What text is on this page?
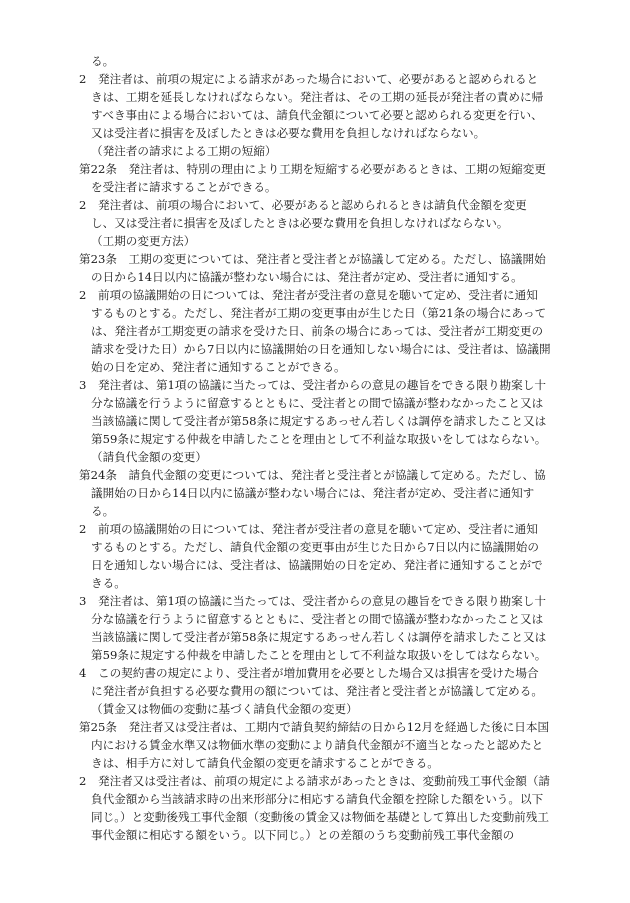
る。
2　発注者は、前項の規定による請求があった場合において、必要があると認められると
きは、工期を延長しなければならない。発注者は、その工期の延長が発注者の責めに帰
すべき事由による場合においては、請負代金額について必要と認められる変更を行い、
又は受注者に損害を及ぼしたときは必要な費用を負担しなければならない。
（発注者の請求による工期の短縮）
第22条　発注者は、特別の理由により工期を短縮する必要があるときは、工期の短縮変更
を受注者に請求することができる。
2　発注者は、前項の場合において、必要があると認められるときは請負代金額を変更
し、又は受注者に損害を及ぼしたときは必要な費用を負担しなければならない。
（工期の変更方法）
第23条　工期の変更については、発注者と受注者とが協議して定める。ただし、協議開始
の日から14日以内に協議が整わない場合には、発注者が定め、受注者に通知する。
2　前項の協議開始の日については、発注者が受注者の意見を聴いて定め、受注者に通知
するものとする。ただし、発注者が工期の変更事由が生じた日（第21条の場合にあって
は、発注者が工期変更の請求を受けた日、前条の場合にあっては、受注者が工期変更の
請求を受けた日）から7日以内に協議開始の日を通知しない場合には、受注者は、協議開
始の日を定め、発注者に通知することができる。
3　発注者は、第1項の協議に当たっては、受注者からの意見の趣旨をできる限り勘案し十
分な協議を行うように留意するとともに、受注者との間で協議が整わなかったこと又は
当該協議に関して受注者が第58条に規定するあっせん若しくは調停を請求したこと又は
第59条に規定する仲裁を申請したことを理由として不利益な取扱いをしてはならない。
（請負代金額の変更）
第24条　請負代金額の変更については、発注者と受注者とが協議して定める。ただし、協
議開始の日から14日以内に協議が整わない場合には、発注者が定め、受注者に通知す
る。
2　前項の協議開始の日については、発注者が受注者の意見を聴いて定め、受注者に通知
するものとする。ただし、請負代金額の変更事由が生じた日から7日以内に協議開始の
日を通知しない場合には、受注者は、協議開始の日を定め、発注者に通知することがで
きる。
3　発注者は、第1項の協議に当たっては、受注者からの意見の趣旨をできる限り勘案し十
分な協議を行うように留意するとともに、受注者との間で協議が整わなかったこと又は
当該協議に関して受注者が第58条に規定するあっせん若しくは調停を請求したこと又は
第59条に規定する仲裁を申請したことを理由として不利益な取扱いをしてはならない。
4　この契約書の規定により、受注者が増加費用を必要とした場合又は損害を受けた場合
に発注者が負担する必要な費用の額については、発注者と受注者とが協議して定める。
（賃金又は物価の変動に基づく請負代金額の変更）
第25条　発注者又は受注者は、工期内で請負契約締結の日から12月を経過した後に日本国
内における賃金水準又は物価水準の変動により請負代金額が不適当となったと認めたと
きは、相手方に対して請負代金額の変更を請求することができる。
2　発注者又は受注者は、前項の規定による請求があったときは、変動前残工事代金額（請
負代金額から当該請求時の出来形部分に相応する請負代金額を控除した額をいう。以下
同じ。）と変動後残工事代金額（変動後の賃金又は物価を基礎として算出した変動前残工
事代金額に相応する額をいう。以下同じ。）との差額のうち変動前残工事代金額の
